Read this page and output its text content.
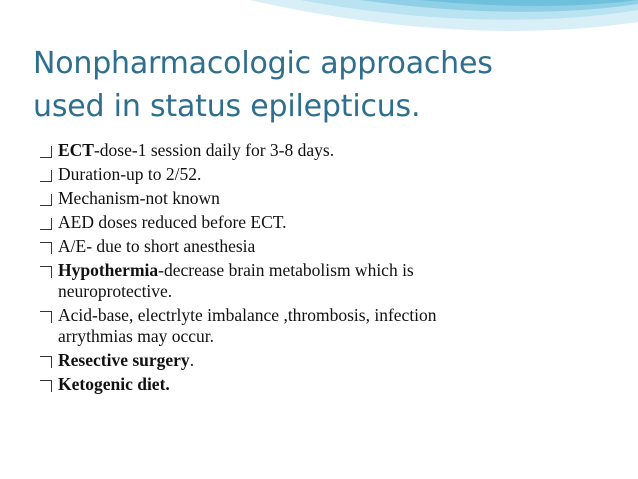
Nonpharmacologic approaches
used in status epilepticus.
ECT-dose-1 session daily for 3-8 days.
Duration-up to 2/52.
Mechanism-not known
AED doses reduced before ECT.
A/E- due to short anesthesia
Hypothermia-decrease brain metabolism which is
neuroprotective.
Acid-base, electrlyte imbalance ,thrombosis, infection
arrythmias may occur.
Resective surgery.
Ketogenic diet.
